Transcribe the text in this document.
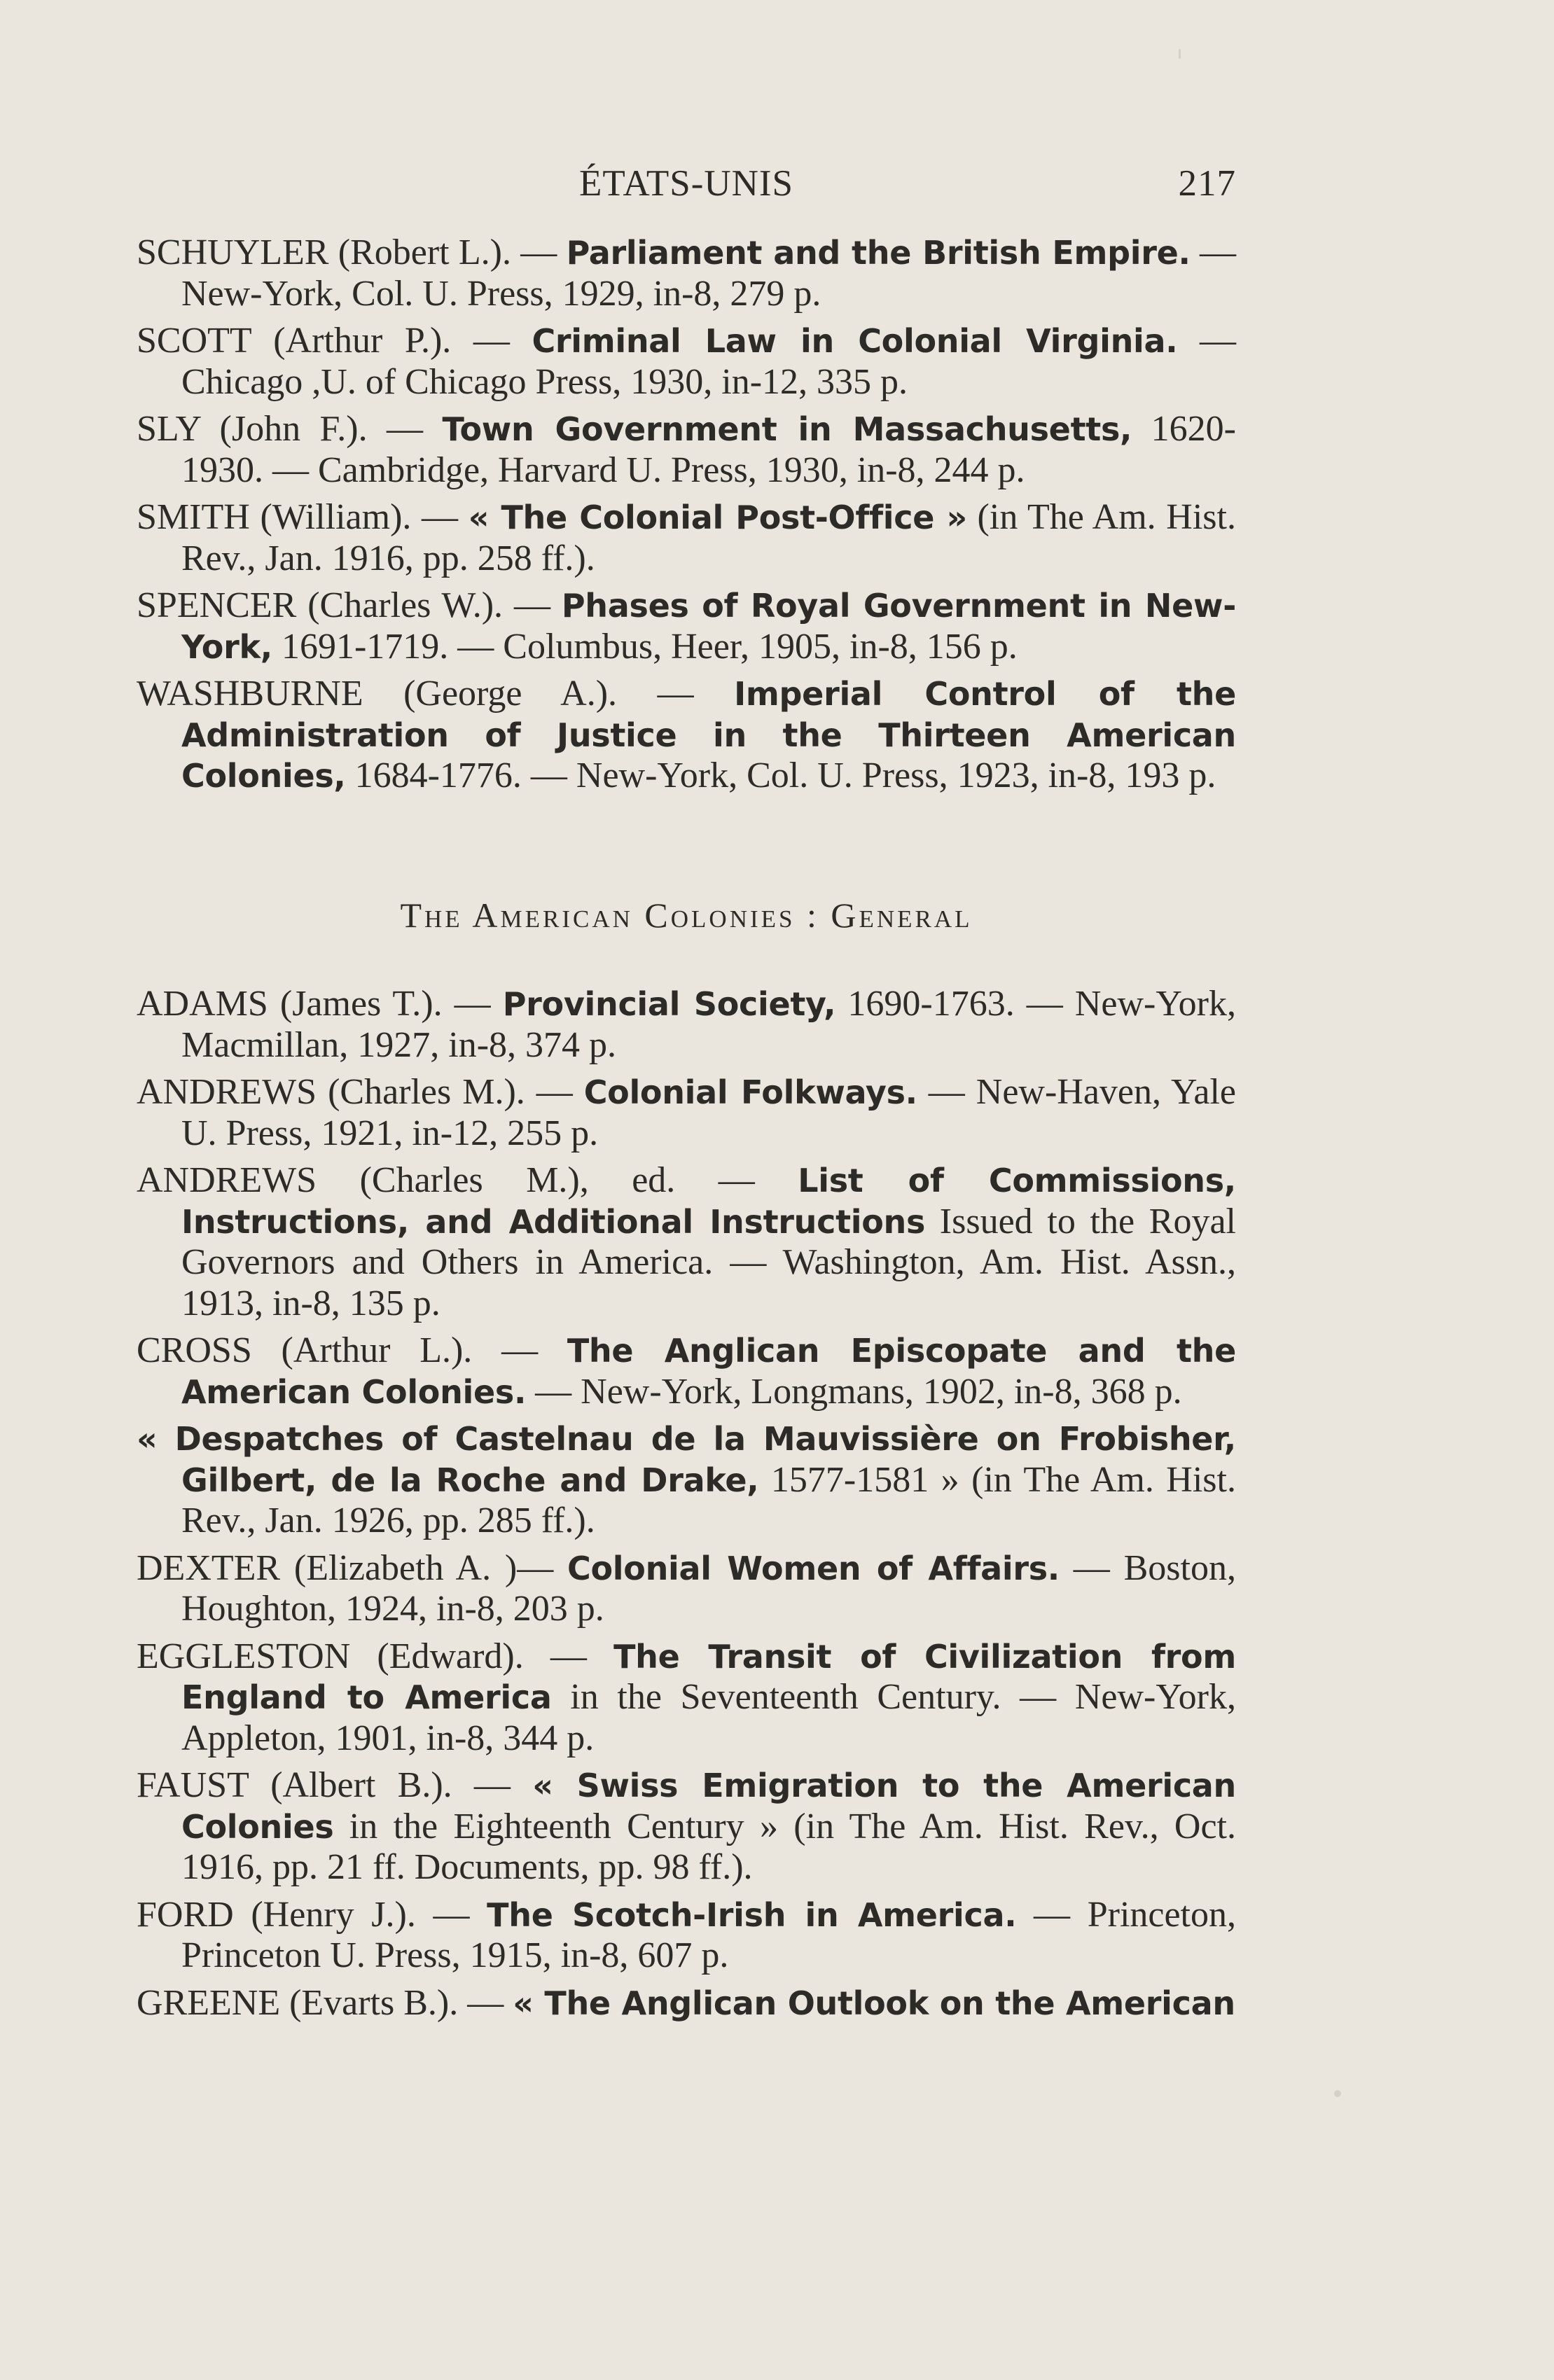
ÉTATS-UNIS	217

SCHUYLER (Robert L.). — Parliament and the British Empire. — New-York, Col. U. Press, 1929, in-8, 279 p.

SCOTT (Arthur P.). — Criminal Law in Colonial Virginia. — Chicago ,U. of Chicago Press, 1930, in-12, 335 p.

SLY (John F.). — Town Government in Massachusetts, 1620-1930. — Cambridge, Harvard U. Press, 1930, in-8, 244 p.

SMITH (William). — « The Colonial Post-Office » (in The Am. Hist. Rev., Jan. 1916, pp. 258 ff.).

SPENCER (Charles W.). — Phases of Royal Government in New-York, 1691-1719. — Columbus, Heer, 1905, in-8, 156 p.

WASHBURNE (George A.). — Imperial Control of the Administration of Justice in the Thirteen American Colonies, 1684-1776. — New-York, Col. U. Press, 1923, in-8, 193 p.

The American Colonies : General

ADAMS (James T.). — Provincial Society, 1690-1763. — New-York, Macmillan, 1927, in-8, 374 p.

ANDREWS (Charles M.). — Colonial Folkways. — New-Haven, Yale U. Press, 1921, in-12, 255 p.

ANDREWS (Charles M.), ed. — List of Commissions, Instructions, and Additional Instructions Issued to the Royal Governors and Others in America. — Washington, Am. Hist. Assn., 1913, in-8, 135 p.

CROSS (Arthur L.). — The Anglican Episcopate and the American Colonies. — New-York, Longmans, 1902, in-8, 368 p.

« Despatches of Castelnau de la Mauvissière on Frobisher, Gilbert, de la Roche and Drake, 1577-1581 » (in The Am. Hist. Rev., Jan. 1926, pp. 285 ff.).

DEXTER (Elizabeth A. )— Colonial Women of Affairs. — Boston, Houghton, 1924, in-8, 203 p.

EGGLESTON (Edward). — The Transit of Civilization from England to America in the Seventeenth Century. — New-York, Appleton, 1901, in-8, 344 p.

FAUST (Albert B.). — « Swiss Emigration to the American Colonies in the Eighteenth Century » (in The Am. Hist. Rev., Oct. 1916, pp. 21 ff. Documents, pp. 98 ff.).

FORD (Henry J.). — The Scotch-Irish in America. — Princeton, Princeton U. Press, 1915, in-8, 607 p.

GREENE (Evarts B.). — « The Anglican Outlook on the American
